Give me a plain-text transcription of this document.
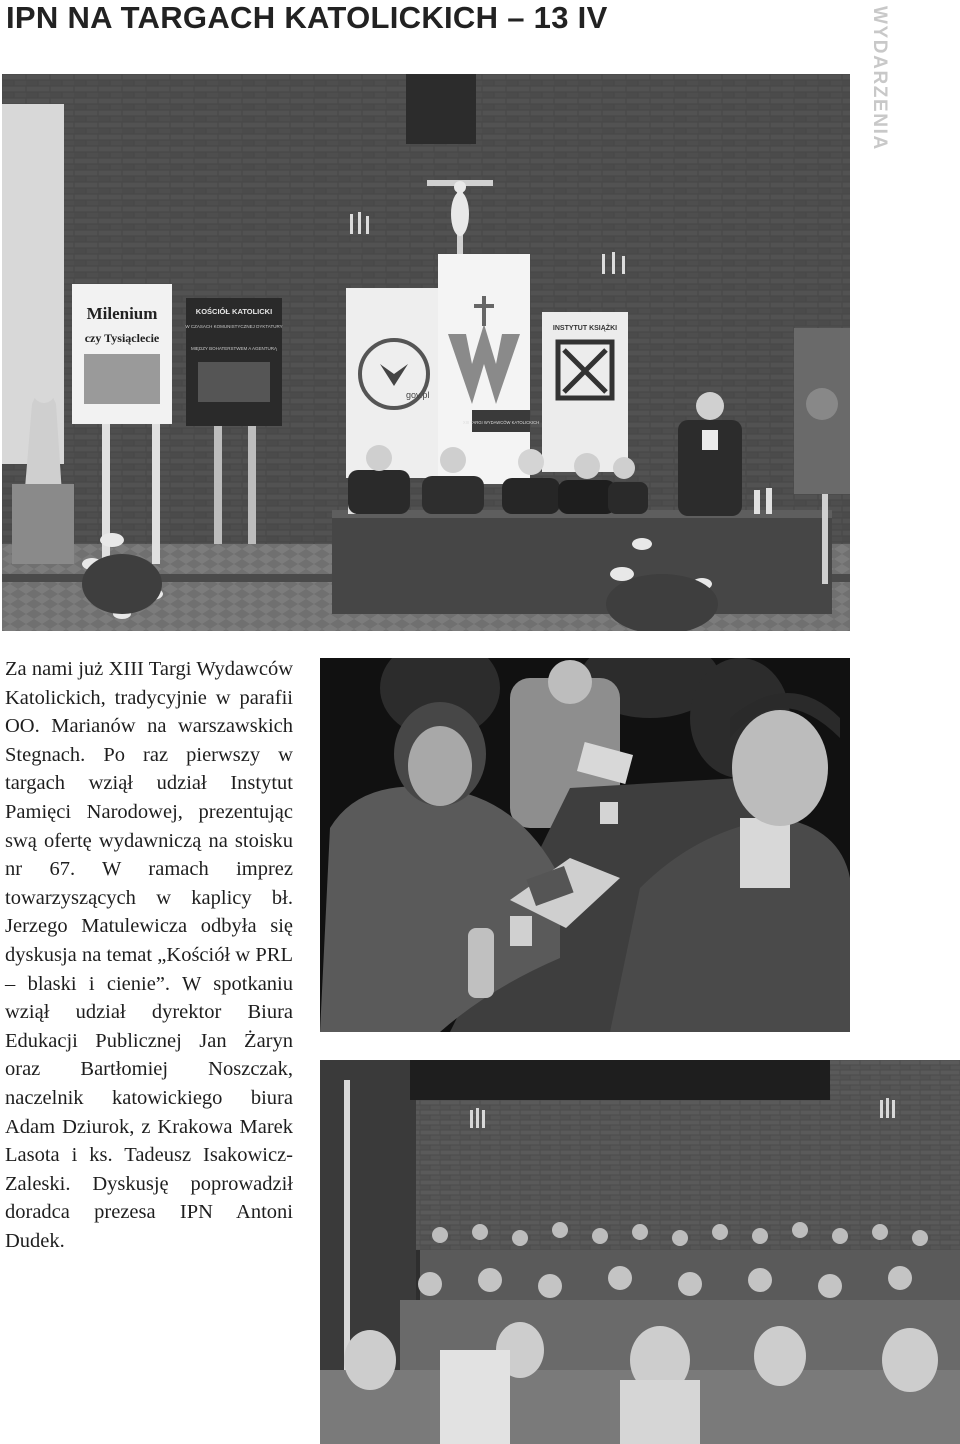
IPN NA TARGACH KATOLICKICH – 13 IV	WYDARZENIA
Milenium
czy Tysiąclecie
KOŚCIÓŁ KATOLICKI
W CZASACH KOMUNISTYCZNEJ DYKTATURY
MIĘDZY BOHATERSTWEM A AGENTURĄ
gov.pl
XIII TARGI WYDAWCÓW KATOLICKICH
INSTYTUT KSIĄŻKI

Za nami już XIII Targi Wydawców Katolickich, tradycyjnie w parafii OO. Marianów na warszawskich Stegnach. Po raz pierwszy w targach wziął udział Instytut Pamięci Narodowej, prezentując swą ofertę wydawniczą na stoisku nr 67. W ramach imprez towarzyszących w kaplicy bł. Jerzego Matulewicza odbyła się dyskusja na temat „Kościół w PRL – blaski i cienie”. W spotkaniu wziął udział dyrektor Biura Edukacji Publicznej Jan Żaryn oraz Bartłomiej Noszczak, naczelnik katowickiego biura Adam Dziurok, z Krakowa Marek Lasota i ks. Tadeusz Isakowicz-Zaleski. Dyskusję poprowadził doradca prezesa IPN Antoni Dudek.
